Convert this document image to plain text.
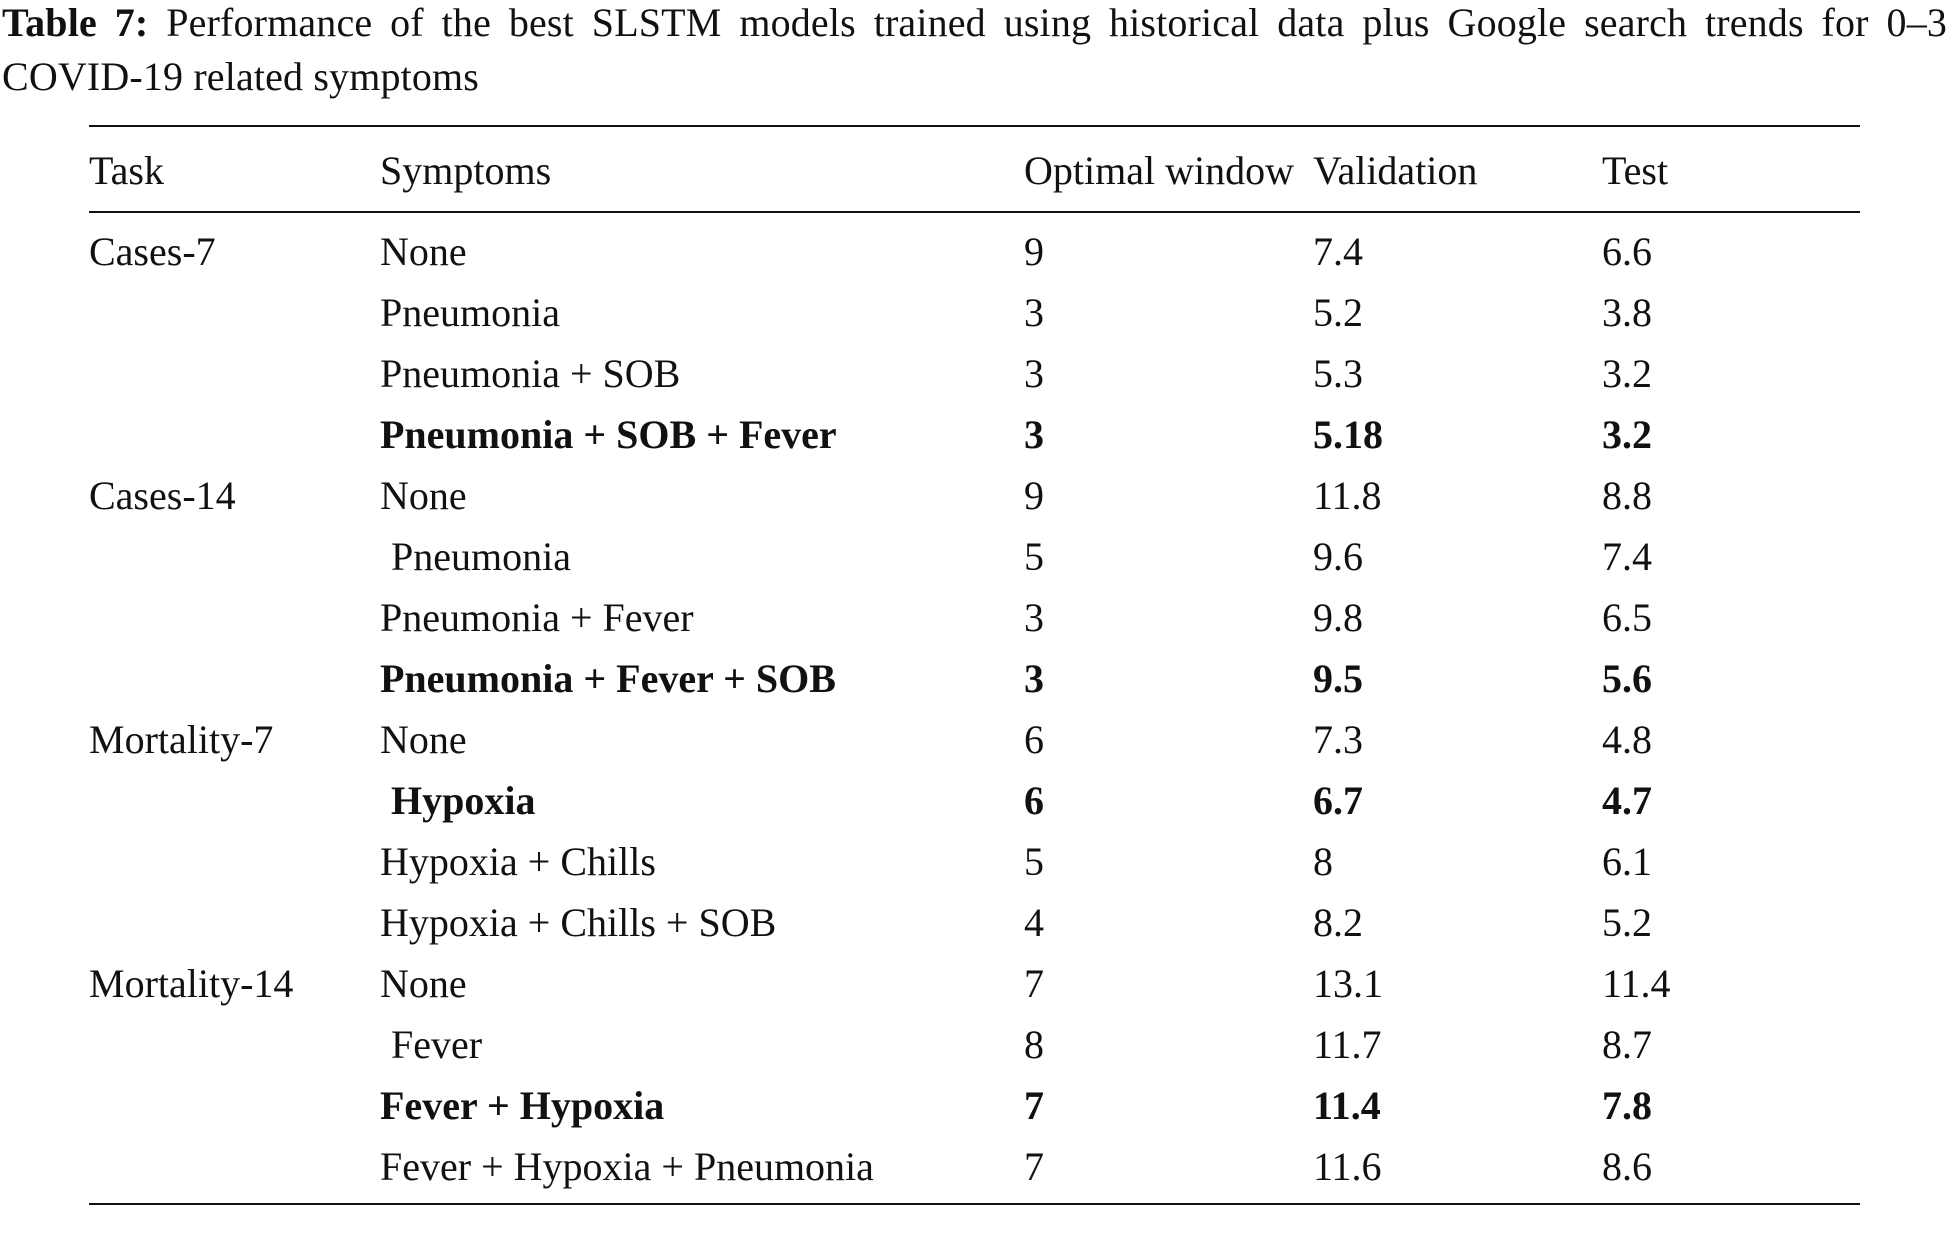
Table 7: Performance of the best SLSTM models trained using historical data plus Google search trends for 0–3 COVID-19 related symptoms
Task	Symptoms	Optimal window	Validation	Test
Cases-7	None	9	7.4	6.6
	Pneumonia	3	5.2	3.8
	Pneumonia + SOB	3	5.3	3.2
	Pneumonia + SOB + Fever	3	5.18	3.2
Cases-14	None	9	11.8	8.8
	Pneumonia	5	9.6	7.4
	Pneumonia + Fever	3	9.8	6.5
	Pneumonia + Fever + SOB	3	9.5	5.6
Mortality-7	None	6	7.3	4.8
	Hypoxia	6	6.7	4.7
	Hypoxia + Chills	5	8	6.1
	Hypoxia + Chills + SOB	4	8.2	5.2
Mortality-14	None	7	13.1	11.4
	Fever	8	11.7	8.7
	Fever + Hypoxia	7	11.4	7.8
	Fever + Hypoxia + Pneumonia	7	11.6	8.6
